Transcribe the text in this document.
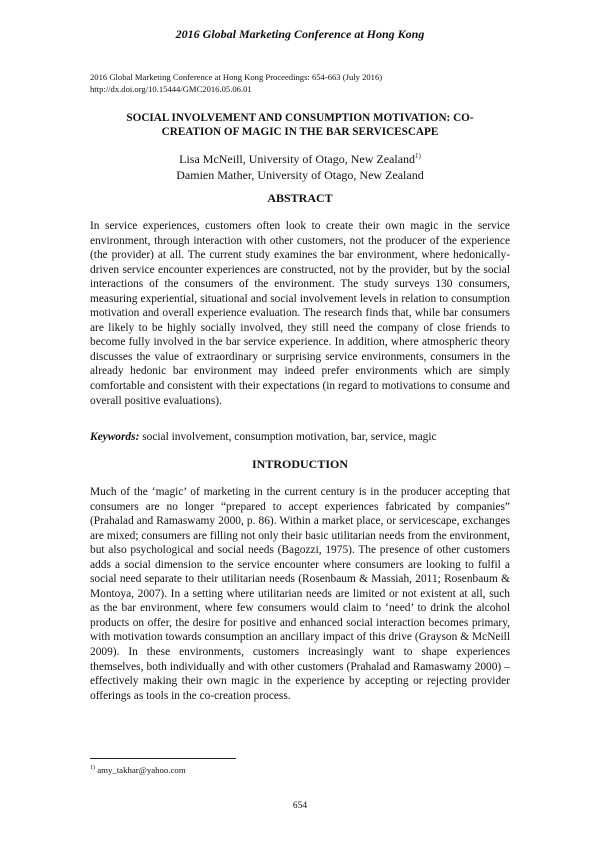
2016 Global Marketing Conference at Hong Kong
2016 Global Marketing Conference at Hong Kong Proceedings: 654-663 (July 2016)
http://dx.doi.org/10.15444/GMC2016.05.06.01
SOCIAL INVOLVEMENT AND CONSUMPTION MOTIVATION: CO-CREATION OF MAGIC IN THE BAR SERVICESCAPE
Lisa McNeill, University of Otago, New Zealand$^{1)}$
Damien Mather, University of Otago, New Zealand
ABSTRACT

In service experiences, customers often look to create their own magic in the service environment, through interaction with other customers, not the producer of the experience (the provider) at all. The current study examines the bar environment, where hedonically-driven service encounter experiences are constructed, not by the provider, but by the social interactions of the consumers of the environment. The study surveys 130 consumers, measuring experiential, situational and social involvement levels in relation to consumption motivation and overall experience evaluation. The research finds that, while bar consumers are likely to be highly socially involved, they still need the company of close friends to become fully involved in the bar service experience. In addition, where atmospheric theory discusses the value of extraordinary or surprising service environments, consumers in the already hedonic bar environment may indeed prefer environments which are simply comfortable and consistent with their expectations (in regard to motivations to consume and overall positive evaluations).

Keywords: social involvement, consumption motivation, bar, service, magic
INTRODUCTION

Much of the ‘magic’ of marketing in the current century is in the producer accepting that consumers are no longer “prepared to accept experiences fabricated by companies” (Prahalad and Ramaswamy 2000, p. 86). Within a market place, or servicescape, exchanges are mixed; consumers are filling not only their basic utilitarian needs from the environment, but also psychological and social needs (Bagozzi, 1975). The presence of other customers adds a social dimension to the service encounter where consumers are looking to fulfil a social need separate to their utilitarian needs (Rosenbaum & Massiah, 2011; Rosenbaum & Montoya, 2007). In a setting where utilitarian needs are limited or not existent at all, such as the bar environment, where few consumers would claim to ‘need’ to drink the alcohol products on offer, the desire for positive and enhanced social interaction becomes primary, with motivation towards consumption an ancillary impact of this drive (Grayson & McNeill 2009). In these environments, customers increasingly want to shape experiences themselves, both individually and with other customers (Prahalad and Ramaswamy 2000) – effectively making their own magic in the experience by accepting or rejecting provider offerings as tools in the co-creation process.

$^{1)}$ amy_takhar@yahoo.com
654
